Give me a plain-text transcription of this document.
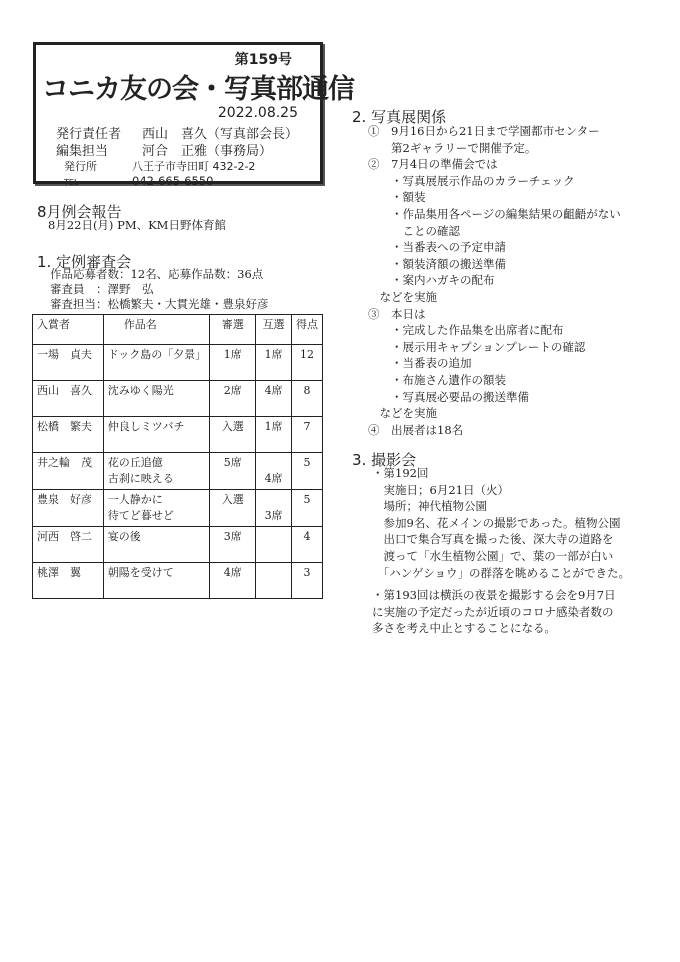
第159号
コニカ友の会・写真部通信
2022.08.25
発行責任者 西山　喜久（写真部会長）
編集担当	河合　正雅（事務局）
発行所	八王子市寺田町 432-2-2
TEL	042-665-6550
8月例会報告
8月22日(月) PM、KM日野体育館
1. 定例審査会
作品応募者数：12名、応募作品数：36点
審査員　：澤野　弘
審査担当：松橋繁夫・大貫光雄・豊泉好彦
入賞者	作品名	審選	互選	得点
一場　貞夫	ドック島の「夕景」	1席	1席	12
西山　喜久	沈みゆく陽光	2席	4席	8
松橋　繁夫	仲良しミツバチ	入選	1席	7
井之輪　茂	花の丘追億
古刹に映える	5席	4席	5
豊泉　好彦	一人静かに
待てど暮せど	入選	3席	5
河西　啓二	宴の後	3席		4
桃澤　翼	朝陽を受けて	4席		3
2. 写真展関係
①　9月16日から21日まで学園都市センター
　　第2ギャラリーで開催予定。
②　7月4日の準備会では
　　・写真展展示作品のカラーチェック
　　・額装
　　・作品集用各ページの編集結果の齟齬がない
　　　ことの確認
　　・当番表への予定申請
　　・額装済額の搬送準備
　　・案内ハガキの配布
　などを実施
③　本日は
　　・完成した作品集を出席者に配布
　　・展示用キャプションプレートの確認
　　・当番表の追加
　　・布施さん遺作の額装
　　・写真展必要品の搬送準備
　などを実施
④　出展者は18名
3. 撮影会
・第192回
　実施日；6月21日（火）
　場所；神代植物公園
　参加9名、花メインの撮影であった。植物公園
　出口で集合写真を撮った後、深大寺の道路を
　渡って「水生植物公園」で、葉の一部が白い
　「ハンゲショウ」の群落を眺めることができた。
・第193回は横浜の夜景を撮影する会を9月7日
に実施の予定だったが近頃のコロナ感染者数の
多さを考え中止とすることになる。
